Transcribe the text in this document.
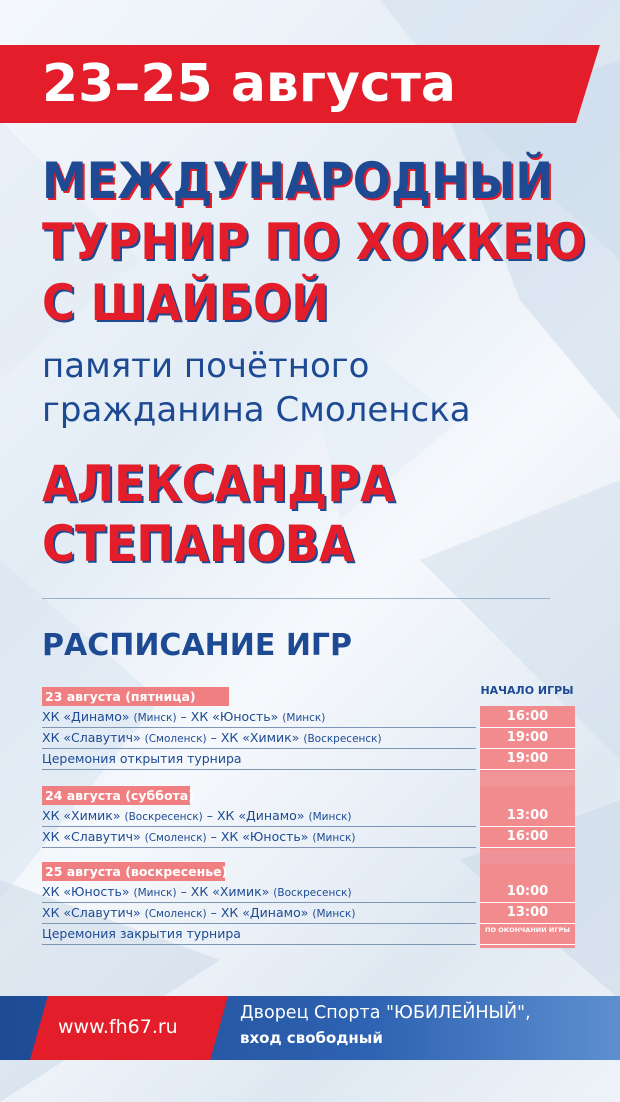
23–25 августа
МЕЖДУНАРОДНЫЙ
ТУРНИР ПО ХОККЕЮ
С ШАЙБОЙ
памяти почётного
гражданина Смоленска
АЛЕКСАНДРА
СТЕПАНОВА
РАСПИСАНИЕ ИГР
НАЧАЛО ИГРЫ
23 августа (пятница)
ХК «Динамо» (Минск) – ХК «Юность» (Минск)	16:00
ХК «Славутич» (Смоленск) – ХК «Химик» (Воскресенск)	19:00
Церемония открытия турнира	19:00
24 августа (суббота)
ХК «Химик» (Воскресенск) – ХК «Динамо» (Минск)	13:00
ХК «Славутич» (Смоленск) – ХК «Юность» (Минск)	16:00
25 августа (воскресенье)
ХК «Юность» (Минск) – ХК «Химик» (Воскресенск)	10:00
ХК «Славутич» (Смоленск) – ХК «Динамо» (Минск)	13:00
Церемония закрытия турнира	ПО ОКОНЧАНИИ ИГРЫ
www.fh67.ru
Дворец Спорта "ЮБИЛЕЙНЫЙ",
вход свободный
